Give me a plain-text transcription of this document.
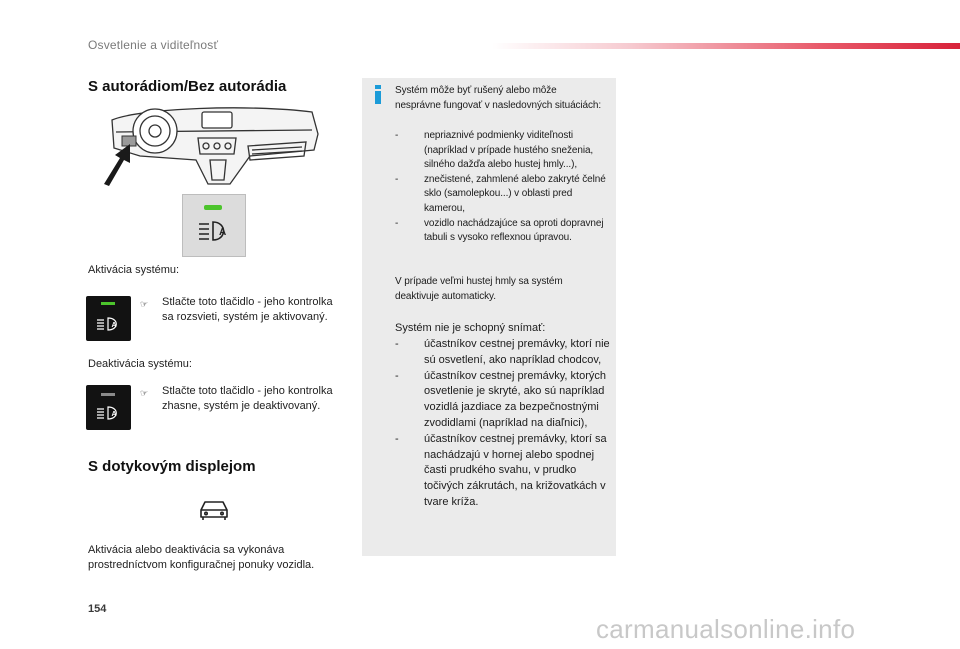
Osvetlenie a viditeľnosť
S autorádiom/Bez autorádia
A
Aktivácia systému:
A
☞	Stlačte toto tlačidlo - jeho kontrolka sa rozsvieti, systém je aktivovaný.
Deaktivácia systému:
A
☞	Stlačte toto tlačidlo - jeho kontrolka zhasne, systém je deaktivovaný.
S dotykovým displejom
Aktivácia alebo deaktivácia sa vykonáva prostredníctvom konfiguračnej ponuky vozidla.
Systém môže byť rušený alebo môže nesprávne fungovať v nasledovných situáciách:
-	nepriaznivé podmienky viditeľnosti (napríklad v prípade hustého sneženia, silného dažďa alebo hustej hmly...),
-	znečistené, zahmlené alebo zakryté čelné sklo (samolepkou...) v oblasti pred kamerou,
-	vozidlo nachádzajúce sa oproti dopravnej tabuli s vysoko reflexnou úpravou.
V prípade veľmi hustej hmly sa systém deaktivuje automaticky.
Systém nie je schopný snímať:
-	účastníkov cestnej premávky, ktorí nie sú osvetlení, ako napríklad chodcov,
-	účastníkov cestnej premávky, ktorých osvetlenie je skryté, ako sú napríklad vozidlá jazdiace za bezpečnostnými zvodidlami (napríklad na diaľnici),
-	účastníkov cestnej premávky, ktorí sa nachádzajú v hornej alebo spodnej časti prudkého svahu, v prudko točivých zákrutách, na križovatkách v tvare kríža.
154
carmanualsonline.info
